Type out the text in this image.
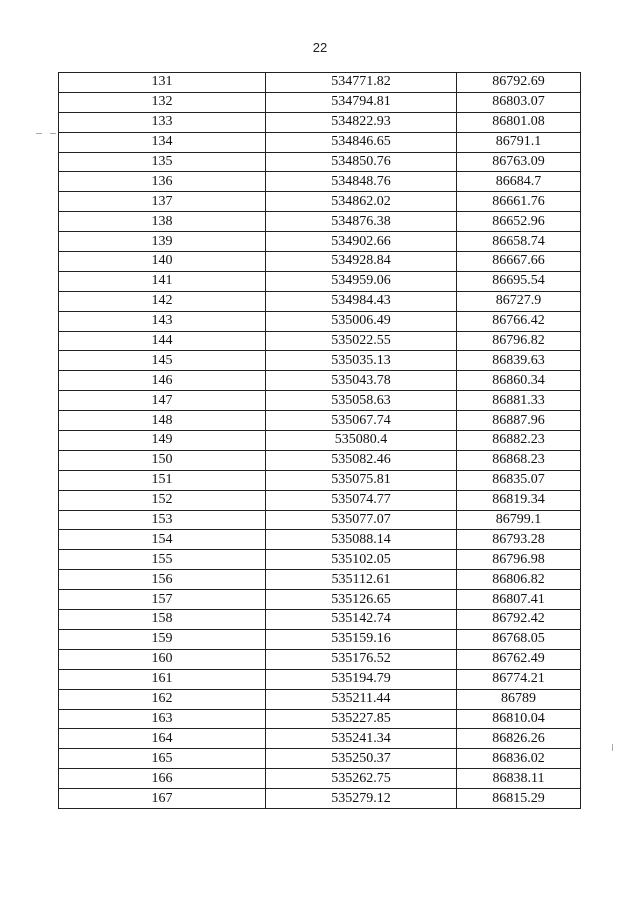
22
131	534771.82	86792.69
132	534794.81	86803.07
133	534822.93	86801.08
134	534846.65	86791.1
135	534850.76	86763.09
136	534848.76	86684.7
137	534862.02	86661.76
138	534876.38	86652.96
139	534902.66	86658.74
140	534928.84	86667.66
141	534959.06	86695.54
142	534984.43	86727.9
143	535006.49	86766.42
144	535022.55	86796.82
145	535035.13	86839.63
146	535043.78	86860.34
147	535058.63	86881.33
148	535067.74	86887.96
149	535080.4	86882.23
150	535082.46	86868.23
151	535075.81	86835.07
152	535074.77	86819.34
153	535077.07	86799.1
154	535088.14	86793.28
155	535102.05	86796.98
156	535112.61	86806.82
157	535126.65	86807.41
158	535142.74	86792.42
159	535159.16	86768.05
160	535176.52	86762.49
161	535194.79	86774.21
162	535211.44	86789
163	535227.85	86810.04
164	535241.34	86826.26
165	535250.37	86836.02
166	535262.75	86838.11
167	535279.12	86815.29
